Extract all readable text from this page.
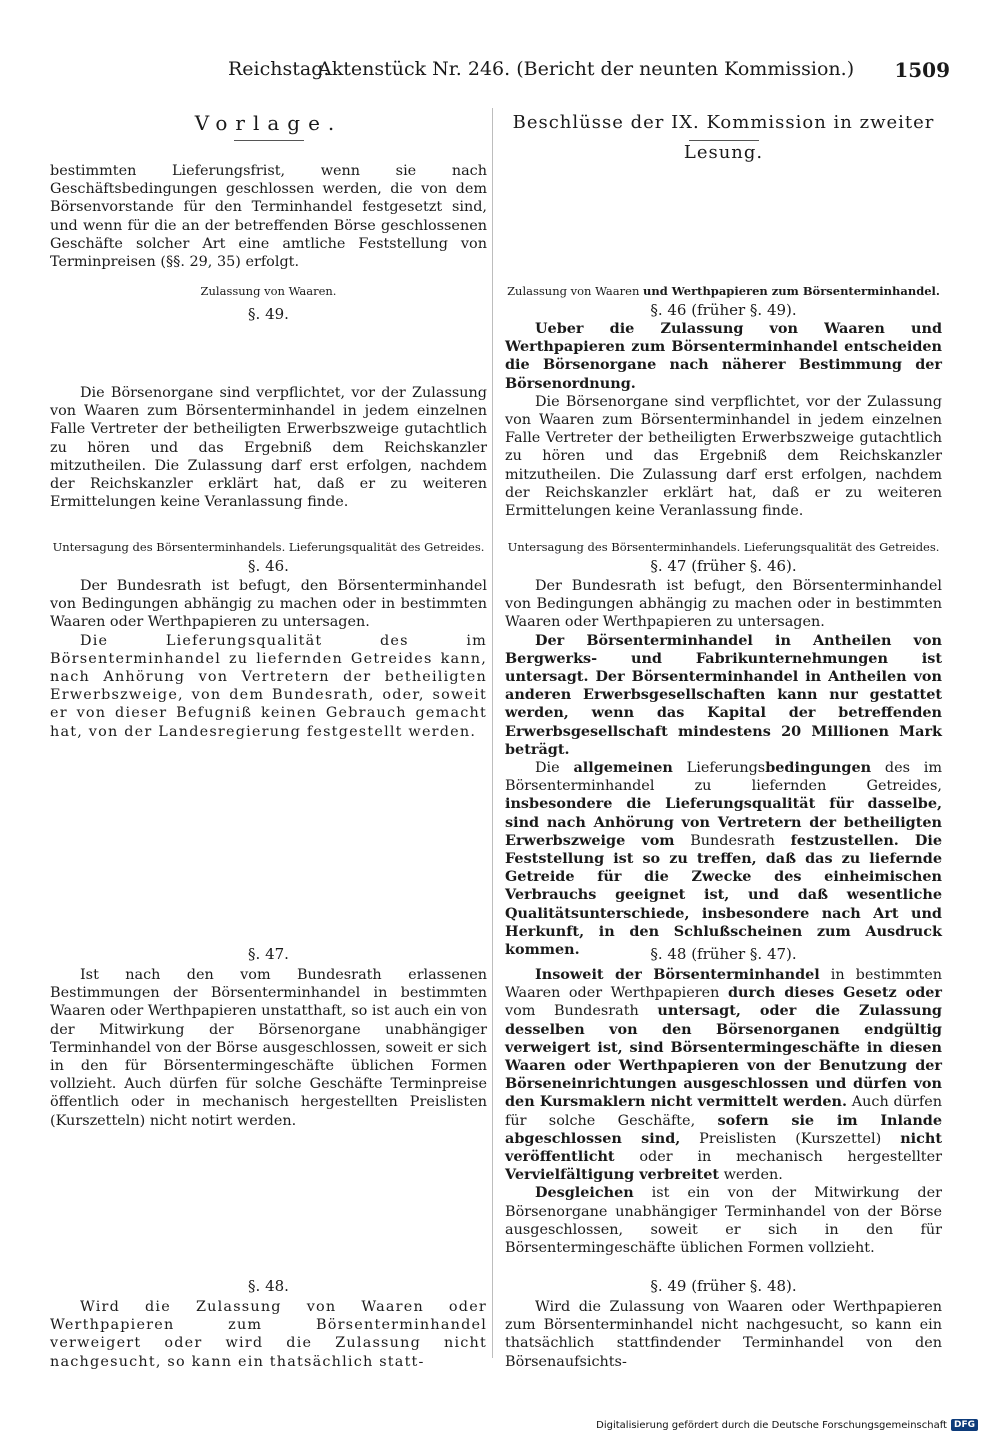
Reichstag.
Aktenstück Nr. 246. (Bericht der neunten Kommission.)	1509
Vorlage.

bestimmten Lieferungsfrist, wenn sie nach Geschäftsbedingungen geschlossen werden, die von dem Börsenvorstande für den Terminhandel festgesetzt sind, und wenn für die an der betreffenden Börse geschlossenen Geschäfte solcher Art eine amtliche Feststellung von Terminpreisen (§§. 29, 35) erfolgt.

Zulassung von Waaren.
§. 49.

Die Börsenorgane sind verpflichtet, vor der Zulassung von Waaren zum Börsenterminhandel in jedem einzelnen Falle Vertreter der betheiligten Erwerbszweige gutachtlich zu hören und das Ergebniß dem Reichskanzler mitzutheilen. Die Zulassung darf erst erfolgen, nachdem der Reichskanzler erklärt hat, daß er zu weiteren Ermittelungen keine Veranlassung finde.

Untersagung des Börsenterminhandels. Lieferungsqualität des Getreides.
§. 46.

Der Bundesrath ist befugt, den Börsenterminhandel von Bedingungen abhängig zu machen oder in bestimmten Waaren oder Werthpapieren zu untersagen.

Die Lieferungsqualität des im Börsenterminhandel zu liefernden Getreides kann, nach Anhörung von Vertretern der betheiligten Erwerbszweige, von dem Bundesrath, oder, soweit er von dieser Befugniß keinen Gebrauch gemacht hat, von der Landesregierung festgestellt werden.

§. 47.

Ist nach den vom Bundesrath erlassenen Bestimmungen der Börsenterminhandel in bestimmten Waaren oder Werthpapieren unstatthaft, so ist auch ein von der Mitwirkung der Börsenorgane unabhängiger Terminhandel von der Börse ausgeschlossen, soweit er sich in den für Börsentermingeschäfte üblichen Formen vollzieht. Auch dürfen für solche Geschäfte Terminpreise öffentlich oder in mechanisch hergestellten Preislisten (Kurszetteln) nicht notirt werden.

§. 48.

Wird die Zulassung von Waaren oder Werthpapieren zum Börsenterminhandel verweigert oder wird die Zulassung nicht nachgesucht, so kann ein thatsächlich statt-

Beschlüsse der IX. Kommission in zweiter Lesung.
Zulassung von Waaren und Werthpapieren zum Börsenterminhandel.
§. 46 (früher §. 49).

Ueber die Zulassung von Waaren und Werthpapieren zum Börsenterminhandel entscheiden die Börsenorgane nach näherer Bestimmung der Börsenordnung.

Die Börsenorgane sind verpflichtet, vor der Zulassung von Waaren zum Börsenterminhandel in jedem einzelnen Falle Vertreter der betheiligten Erwerbszweige gutachtlich zu hören und das Ergebniß dem Reichskanzler mitzutheilen. Die Zulassung darf erst erfolgen, nachdem der Reichskanzler erklärt hat, daß er zu weiteren Ermittelungen keine Veranlassung finde.

Untersagung des Börsenterminhandels. Lieferungsqualität des Getreides.
§. 47 (früher §. 46).

Der Bundesrath ist befugt, den Börsenterminhandel von Bedingungen abhängig zu machen oder in bestimmten Waaren oder Werthpapieren zu untersagen.

Der Börsenterminhandel in Antheilen von Bergwerks- und Fabrikunternehmungen ist untersagt. Der Börsenterminhandel in Antheilen von anderen Erwerbsgesellschaften kann nur gestattet werden, wenn das Kapital der betreffenden Erwerbsgesellschaft mindestens 20 Millionen Mark beträgt.

Die allgemeinen Lieferungsbedingungen des im Börsenterminhandel zu liefernden Getreides, insbesondere die Lieferungsqualität für dasselbe, sind nach Anhörung von Vertretern der betheiligten Erwerbszweige vom Bundesrath festzustellen. Die Feststellung ist so zu treffen, daß das zu liefernde Getreide für die Zwecke des einheimischen Verbrauchs geeignet ist, und daß wesentliche Qualitätsunterschiede, insbesondere nach Art und Herkunft, in den Schlußscheinen zum Ausdruck kommen.	§. 48 (früher §. 47).

Insoweit der Börsenterminhandel in bestimmten Waaren oder Werthpapieren durch dieses Gesetz oder vom Bundesrath untersagt, oder die Zulassung desselben von den Börsenorganen endgültig verweigert ist, sind Börsentermingeschäfte in diesen Waaren oder Werthpapieren von der Benutzung der Börseneinrichtungen ausgeschlossen und dürfen von den Kursmaklern nicht vermittelt werden. Auch dürfen für solche Geschäfte, sofern sie im Inlande abgeschlossen sind, Preislisten (Kurszettel) nicht veröffentlicht oder in mechanisch hergestellter Vervielfältigung verbreitet werden.

Desgleichen ist ein von der Mitwirkung der Börsenorgane unabhängiger Terminhandel von der Börse ausgeschlossen, soweit er sich in den für Börsentermingeschäfte üblichen Formen vollzieht.

§. 49 (früher §. 48).

Wird die Zulassung von Waaren oder Werthpapieren zum Börsenterminhandel nicht nachgesucht, so kann ein thatsächlich stattfindender Terminhandel von den Börsenaufsichts-

Digitalisierung gefördert durch die Deutsche Forschungsgemeinschaft DFG
